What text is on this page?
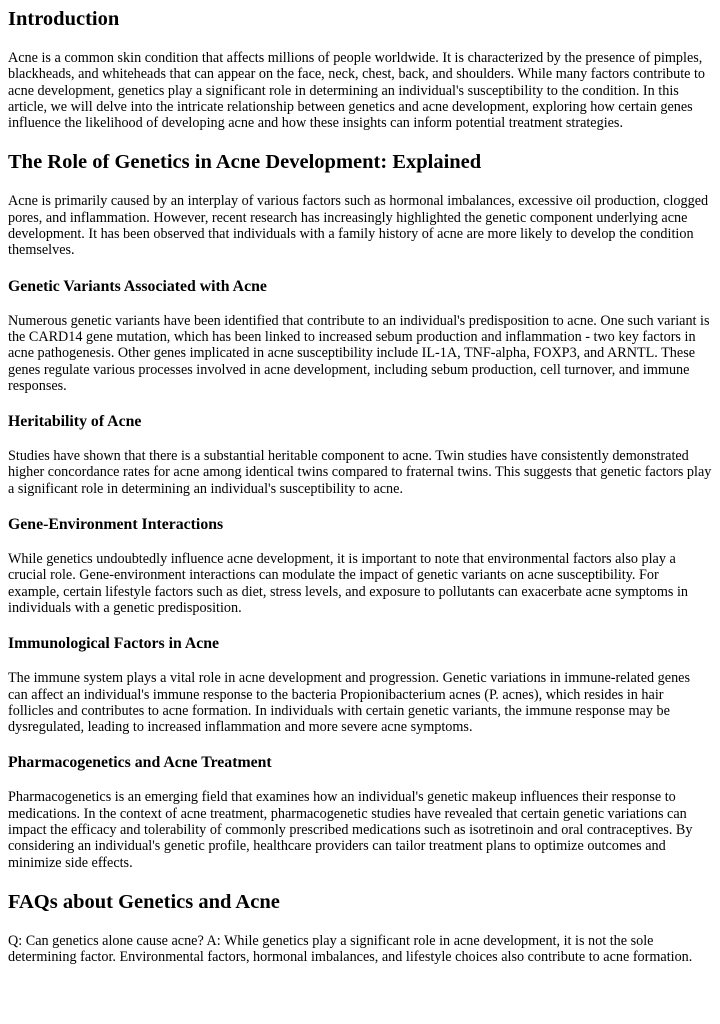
Introduction

Acne is a common skin condition that affects millions of people worldwide. It is characterized by the presence of pimples, blackheads, and whiteheads that can appear on the face, neck, chest, back, and shoulders. While many factors contribute to acne development, genetics play a significant role in determining an individual's susceptibility to the condition. In this article, we will delve into the intricate relationship between genetics and acne development, exploring how certain genes influence the likelihood of developing acne and how these insights can inform potential treatment strategies.

The Role of Genetics in Acne Development: Explained

Acne is primarily caused by an interplay of various factors such as hormonal imbalances, excessive oil production, clogged pores, and inflammation. However, recent research has increasingly highlighted the genetic component underlying acne development. It has been observed that individuals with a family history of acne are more likely to develop the condition themselves.

Genetic Variants Associated with Acne

Numerous genetic variants have been identified that contribute to an individual's predisposition to acne. One such variant is the CARD14 gene mutation, which has been linked to increased sebum production and inflammation - two key factors in acne pathogenesis. Other genes implicated in acne susceptibility include IL-1A, TNF-alpha, FOXP3, and ARNTL. These genes regulate various processes involved in acne development, including sebum production, cell turnover, and immune responses.

Heritability of Acne

Studies have shown that there is a substantial heritable component to acne. Twin studies have consistently demonstrated higher concordance rates for acne among identical twins compared to fraternal twins. This suggests that genetic factors play a significant role in determining an individual's susceptibility to acne.

Gene-Environment Interactions

While genetics undoubtedly influence acne development, it is important to note that environmental factors also play a crucial role. Gene-environment interactions can modulate the impact of genetic variants on acne susceptibility. For example, certain lifestyle factors such as diet, stress levels, and exposure to pollutants can exacerbate acne symptoms in individuals with a genetic predisposition.

Immunological Factors in Acne

The immune system plays a vital role in acne development and progression. Genetic variations in immune-related genes can affect an individual's immune response to the bacteria Propionibacterium acnes (P. acnes), which resides in hair follicles and contributes to acne formation. In individuals with certain genetic variants, the immune response may be dysregulated, leading to increased inflammation and more severe acne symptoms.

Pharmacogenetics and Acne Treatment

Pharmacogenetics is an emerging field that examines how an individual's genetic makeup influences their response to medications. In the context of acne treatment, pharmacogenetic studies have revealed that certain genetic variations can impact the efficacy and tolerability of commonly prescribed medications such as isotretinoin and oral contraceptives. By considering an individual's genetic profile, healthcare providers can tailor treatment plans to optimize outcomes and minimize side effects.

FAQs about Genetics and Acne

Q: Can genetics alone cause acne? A: While genetics play a significant role in acne development, it is not the sole determining factor. Environmental factors, hormonal imbalances, and lifestyle choices also contribute to acne formation.
